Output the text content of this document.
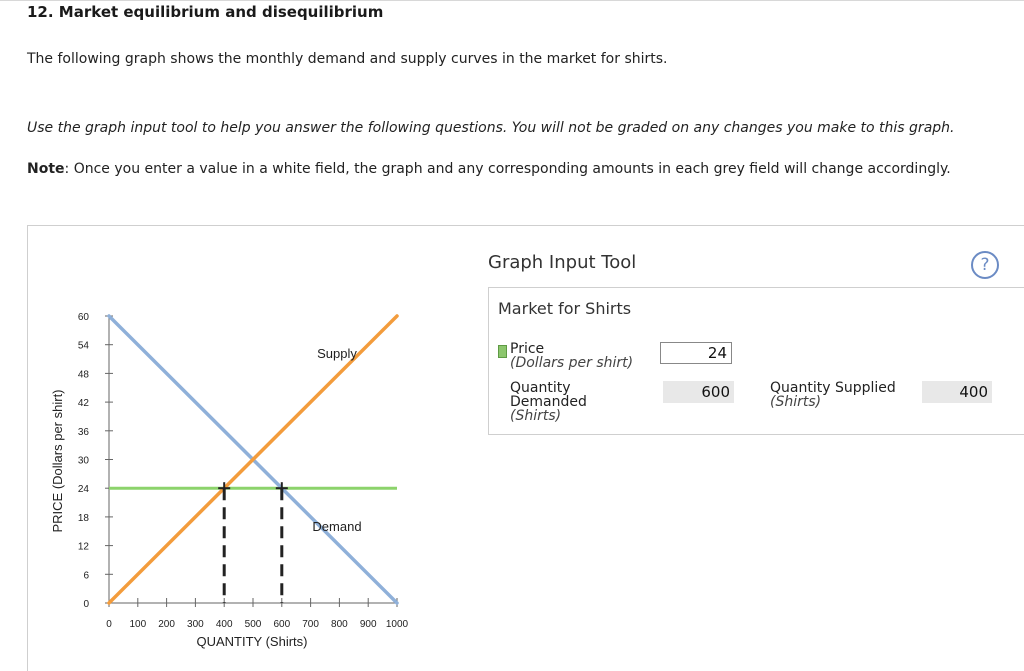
12. Market equilibrium and disequilibrium
The following graph shows the monthly demand and supply curves in the market for shirts.
Use the graph input tool to help you answer the following questions. You will not be graded on any changes you make to this graph.
Note: Once you enter a value in a white field, the graph and any corresponding amounts in each grey field will change accordingly.
0
6
12
18
24
30
36
42
48
54
60
0 100 200 300 400 500 600 700 800 900 1000
QUANTITY (Shirts)
PRICE (Dollars per shirt)
Supply
Demand
Graph Input Tool	?
Market for Shirts
Price
(Dollars per shirt)
24
Quantity
Demanded
(Shirts)
600	Quantity Supplied
(Shirts)
400
